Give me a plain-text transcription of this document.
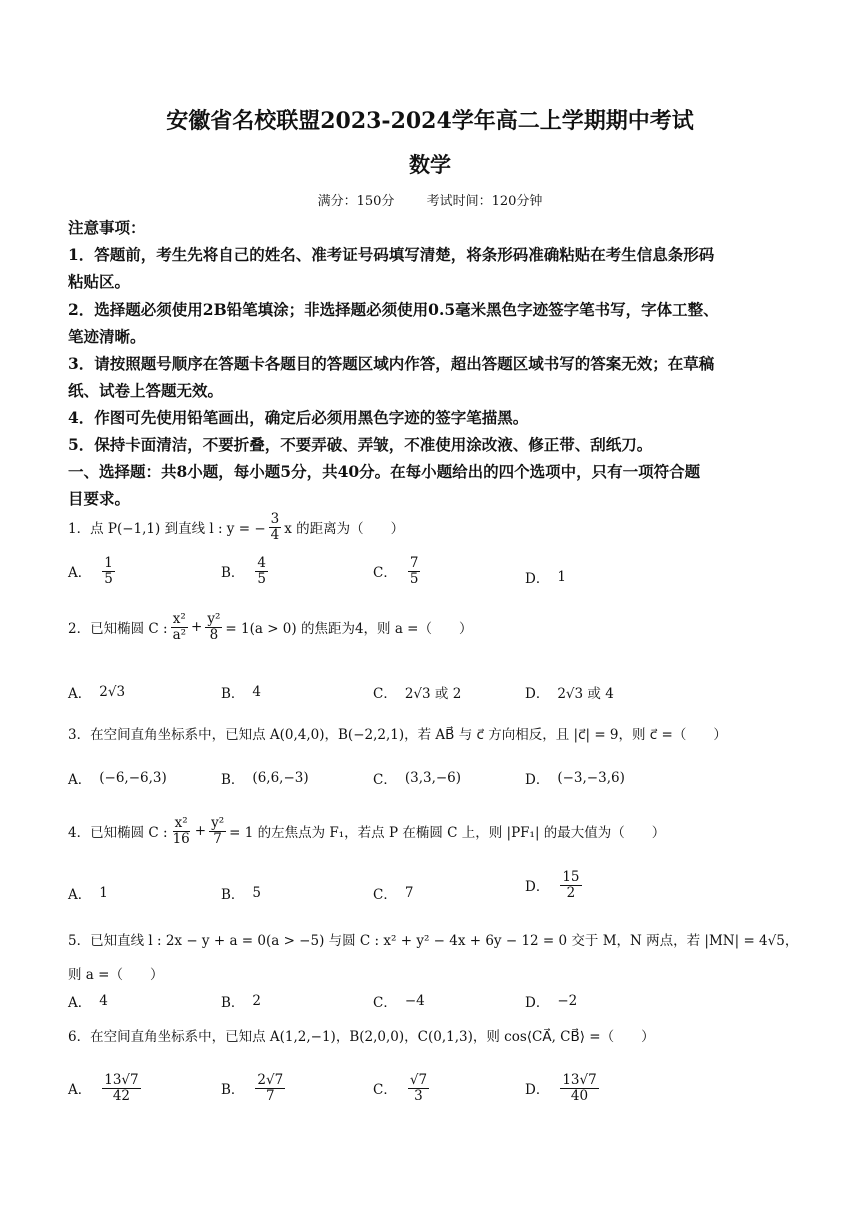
安徽省名校联盟2023-2024学年高二上学期期中考试
数学
满分：150分 考试时间：120分钟
注意事项：
1．答题前，考生先将自己的姓名、准考证号码填写清楚，将条形码准确粘贴在考生信息条形码
粘贴区。
2．选择题必须使用2B铅笔填涂；非选择题必须使用0.5毫米黑色字迹签字笔书写，字体工整、
笔迹清晰。
3．请按照题号顺序在答题卡各题目的答题区域内作答，超出答题区域书写的答案无效；在草稿
纸、试卷上答题无效。
4．作图可先使用铅笔画出，确定后必须用黑色字迹的签字笔描黑。
5．保持卡面清洁，不要折叠，不要弄破、弄皱，不准使用涂改液、修正带、刮纸刀。
一、选择题：共8小题，每小题5分，共40分。在每小题给出的四个选项中，只有一项符合题
目要求。
1．点 P(−1,1) 到直线 l : y = − $\frac{3}{4}$ x 的距离为（　　）
A． $\frac{1}{5}$	B． $\frac{4}{5}$	C． $\frac{7}{5}$	D． 1
2．已知椭圆 C : $\frac{\text{x²}}{\text{a²}} + \frac{\text{y²}}{8} = 1(a > 0)$ 的焦距为4，则 a =（　　）
A． 2√3	B． 4	C． 2√3 或 2	D． 2√3 或 4
3．在空间直角坐标系中，已知点 A(0,4,0)，B(−2,2,1)，若 AB⃗ 与 c⃗ 方向相反，且 |c⃗| = 9，则 c⃗ =（　　）
A． (−6,−6,3)	B． (6,6,−3)	C． (3,3,−6)	D． (−3,−3,6)
4．已知椭圆 C : $\frac{\text{x²}}{16} + \frac{\text{y²}}{7} = 1$ 的左焦点为 F₁，若点 P 在椭圆 C 上，则 |PF₁| 的最大值为（　　）
A． 1	B． 5	C． 7	D． $\frac{15}{2}$
5．已知直线 l : 2x − y + a = 0(a > −5) 与圆 C : x² + y² − 4x + 6y − 12 = 0 交于 M，N 两点，若 |MN| = 4√5，
则 a =（　　）
A． 4	B． 2	C． −4	D． −2
6．在空间直角坐标系中，已知点 A(1,2,−1)，B(2,0,0)，C(0,1,3)，则 cos⟨CA⃗, CB⃗⟩ =（　　）
A． $\frac{13√7}{42}$	B． $\frac{2√7}{7}$	C． $\frac{√7}{3}$	D． $\frac{13√7}{40}$
